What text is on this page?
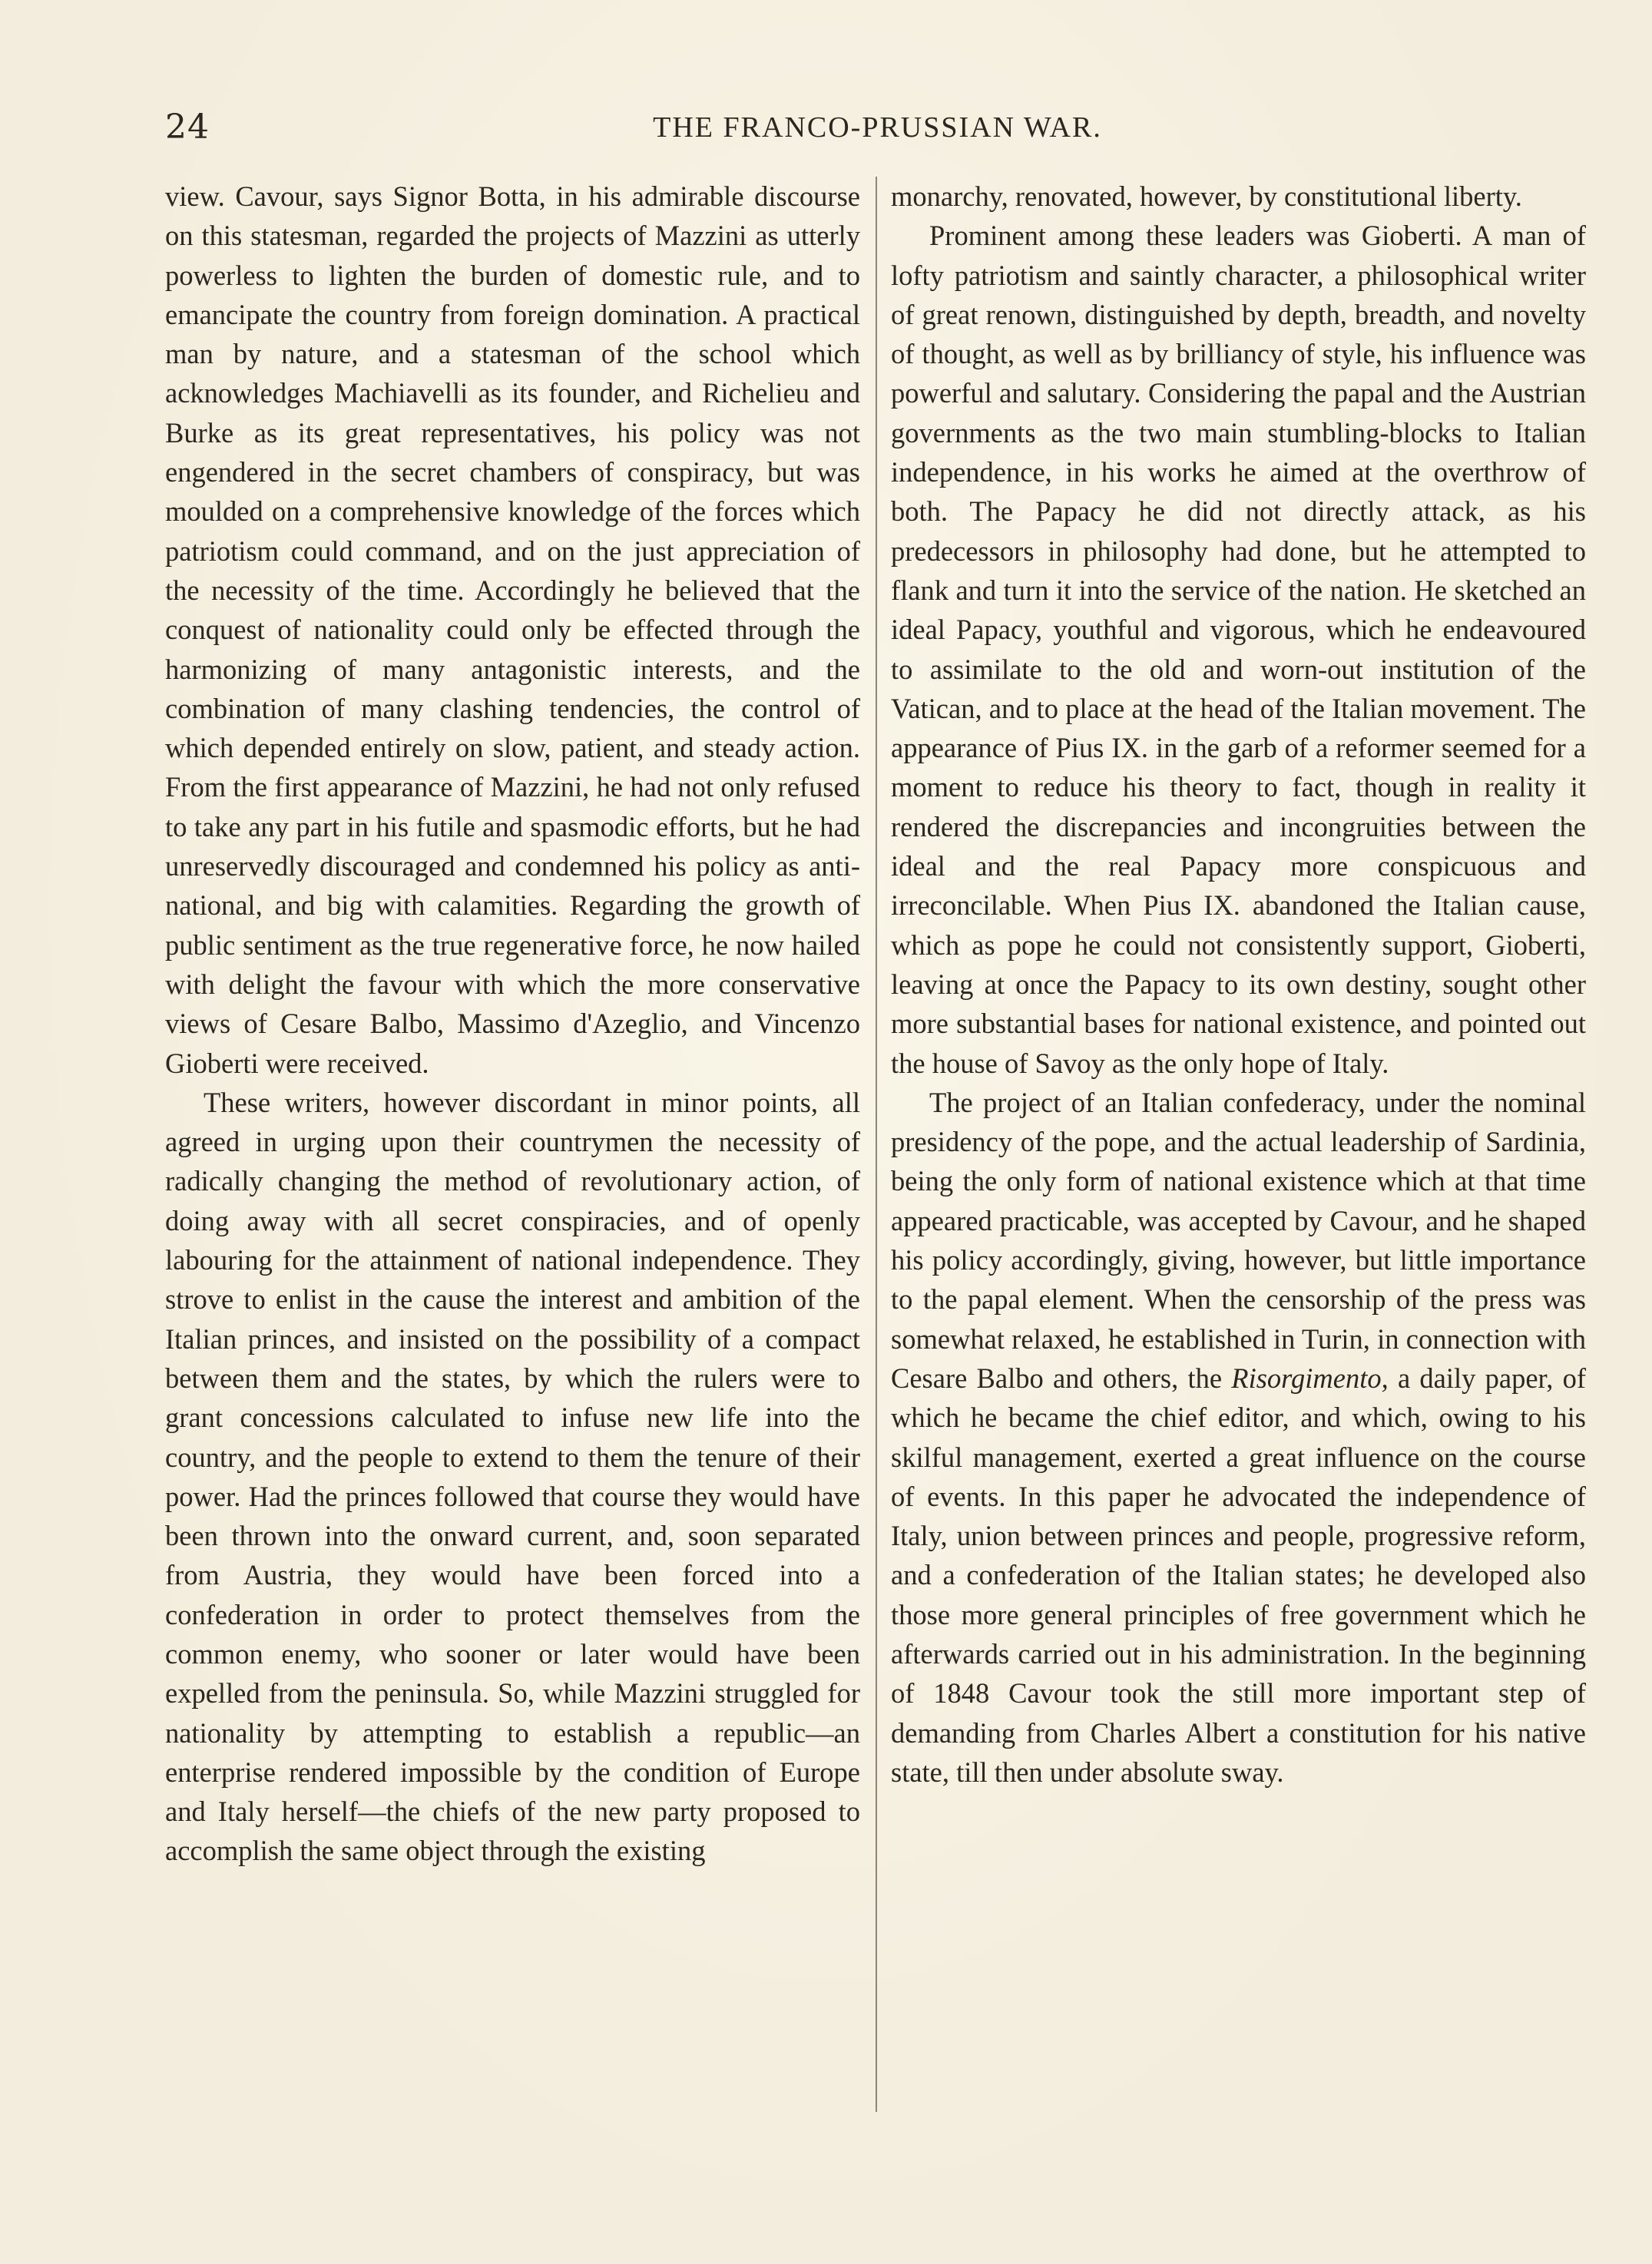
24	THE FRANCO-PRUSSIAN WAR.

view. Cavour, says Signor Botta, in his admirable discourse on this statesman, regarded the projects of Mazzini as utterly powerless to lighten the burden of domestic rule, and to emancipate the country from foreign domination. A practical man by nature, and a statesman of the school which acknowledges Machiavelli as its founder, and Richelieu and Burke as its great representatives, his policy was not engendered in the secret chambers of conspiracy, but was moulded on a comprehensive knowledge of the forces which patriotism could command, and on the just appreciation of the necessity of the time. Accordingly he believed that the conquest of nationality could only be effected through the harmonizing of many antagonistic interests, and the combination of many clashing tendencies, the control of which depended entirely on slow, patient, and steady action. From the first appearance of Mazzini, he had not only refused to take any part in his futile and spasmodic efforts, but he had unreservedly discouraged and condemned his policy as anti-national, and big with calamities. Regarding the growth of public sentiment as the true regenerative force, he now hailed with delight the favour with which the more conservative views of Cesare Balbo, Massimo d'Azeglio, and Vincenzo Gioberti were received.

These writers, however discordant in minor points, all agreed in urging upon their countrymen the necessity of radically changing the method of revolutionary action, of doing away with all secret conspiracies, and of openly labouring for the attainment of national independence. They strove to enlist in the cause the interest and ambition of the Italian princes, and insisted on the possibility of a compact between them and the states, by which the rulers were to grant concessions calculated to infuse new life into the country, and the people to extend to them the tenure of their power. Had the princes followed that course they would have been thrown into the onward current, and, soon separated from Austria, they would have been forced into a confederation in order to protect themselves from the common enemy, who sooner or later would have been expelled from the peninsula. So, while Mazzini struggled for nationality by attempting to establish a republic—an enterprise rendered impossible by the condition of Europe and Italy herself—the chiefs of the new party proposed to accomplish the same object through the existing

monarchy, renovated, however, by constitutional liberty.

Prominent among these leaders was Gioberti. A man of lofty patriotism and saintly character, a philosophical writer of great renown, distinguished by depth, breadth, and novelty of thought, as well as by brilliancy of style, his influence was powerful and salutary. Considering the papal and the Austrian governments as the two main stumbling-blocks to Italian independence, in his works he aimed at the overthrow of both. The Papacy he did not directly attack, as his predecessors in philosophy had done, but he attempted to flank and turn it into the service of the nation. He sketched an ideal Papacy, youthful and vigorous, which he endeavoured to assimilate to the old and worn-out institution of the Vatican, and to place at the head of the Italian movement. The appearance of Pius IX. in the garb of a reformer seemed for a moment to reduce his theory to fact, though in reality it rendered the discrepancies and incongruities between the ideal and the real Papacy more conspicuous and irreconcilable. When Pius IX. abandoned the Italian cause, which as pope he could not consistently support, Gioberti, leaving at once the Papacy to its own destiny, sought other more substantial bases for national existence, and pointed out the house of Savoy as the only hope of Italy.

The project of an Italian confederacy, under the nominal presidency of the pope, and the actual leadership of Sardinia, being the only form of national existence which at that time appeared practicable, was accepted by Cavour, and he shaped his policy accordingly, giving, however, but little importance to the papal element. When the censorship of the press was somewhat relaxed, he established in Turin, in connection with Cesare Balbo and others, the Risorgimento, a daily paper, of which he became the chief editor, and which, owing to his skilful management, exerted a great influence on the course of events. In this paper he advocated the independence of Italy, union between princes and people, progressive reform, and a confederation of the Italian states; he developed also those more general principles of free government which he afterwards carried out in his administration. In the beginning of 1848 Cavour took the still more important step of demanding from Charles Albert a constitution for his native state, till then under absolute sway.
